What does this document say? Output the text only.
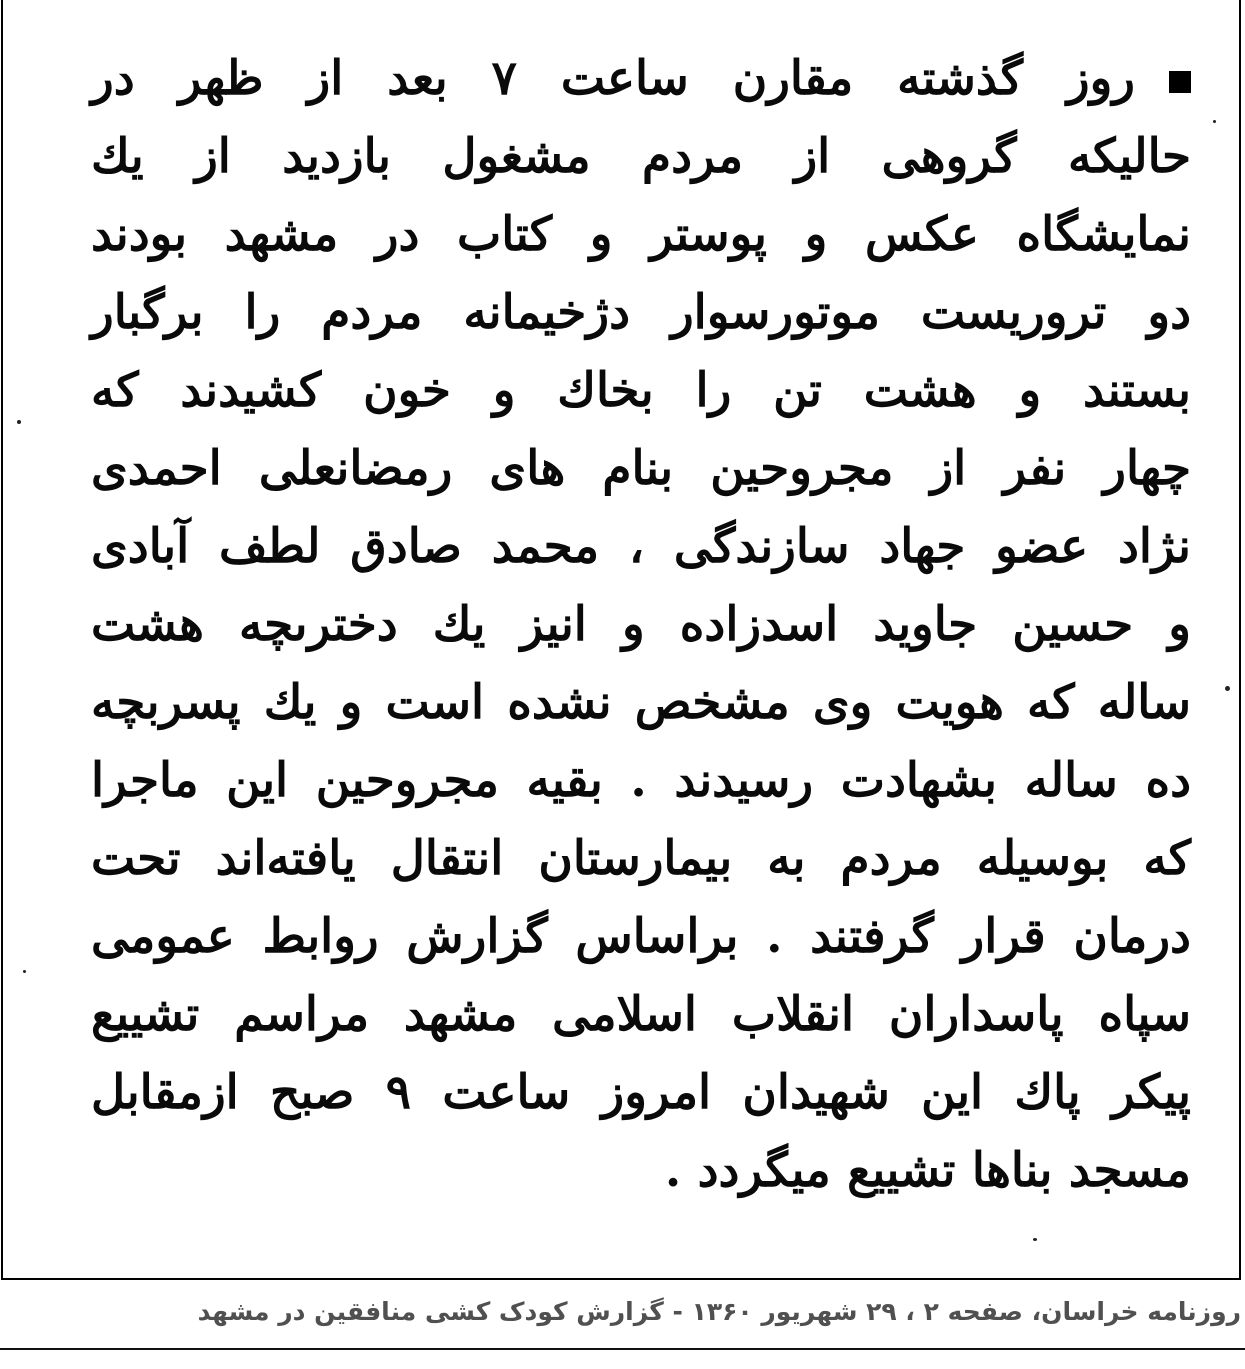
روز گذشته مقارن ساعت ۷ بعد از ظهر در
حالیکه گروهی از مردم مشغول بازدید از یك
نمایشگاه عکس و پوستر و کتاب در مشهد بودند
دو تروریست موتورسوار دژخیمانه مردم را برگبار
بستند و هشت تن را بخاك و خون کشیدند که
چهار نفر از مجروحین بنام های رمضانعلی احمدی
نژاد عضو جهاد سازندگی ، محمد صادق لطف آبادی
و حسین جاوید اسدزاده و انیز یك دخترىچه هشت
ساله که هویت وی مشخص نشده است و یك پسربچه
ده ساله بشهادت رسیدند . بقیه مجروحین این ماجرا
که بوسیله مردم به بیمارستان انتقال یافته‌اند تحت
درمان قرار گرفتند . براساس گزارش روابط عمومی
سپاه پاسداران انقلاب اسلامی مشهد مراسم تشییع
پیکر پاك این شهیدان امروز ساعت ۹ صبح ازمقابل
مسجد بناها تشییع میگردد .
روزنامه خراسان، صفحه ۲ ، ۲۹ شهریور ۱۳۶۰ - گزارش کودک کشی منافقین در مشهد
